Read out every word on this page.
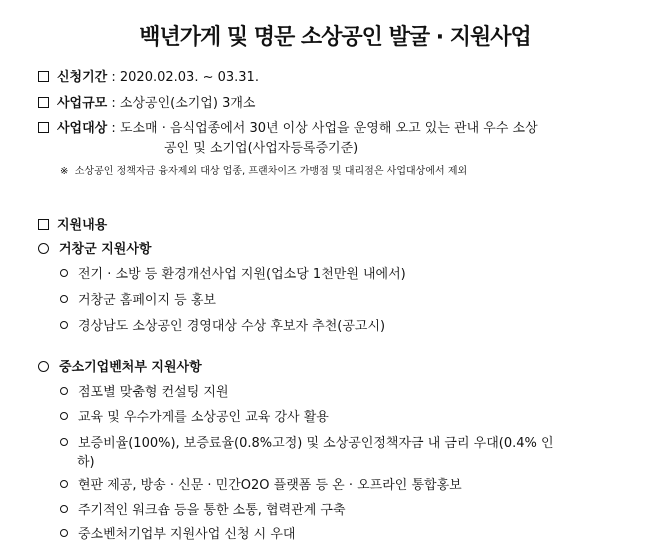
백년가게 및 명문 소상공인 발굴 · 지원사업
신청기간 : 2020.02.03. ~ 03.31.
사업규모 : 소상공인(소기업) 3개소
사업대상 : 도소매 · 음식업종에서 30년 이상 사업을 운영해 오고 있는 관내 우수 소상
공인 및 소기업(사업자등록증기준)
※ 소상공인 정책자금 융자제외 대상 업종, 프랜차이즈 가맹점 및 대리점은 사업대상에서 제외
지원내용
거창군 지원사항
전기 · 소방 등 환경개선사업 지원(업소당 1천만원 내에서)
거창군 홈페이지 등 홍보
경상남도 소상공인 경영대상 수상 후보자 추천(공고시)
중소기업벤처부 지원사항
점포별 맞춤형 컨설팅 지원
교육 및 우수가게를 소상공인 교육 강사 활용
보증비율(100%), 보증료율(0.8%고정) 및 소상공인정책자금 내 금리 우대(0.4% 인
하)
현판 제공, 방송 · 신문 · 민간O2O 플랫폼 등 온 · 오프라인 통합홍보
주기적인 워크숍 등을 통한 소통, 협력관계 구축
중소벤처기업부 지원사업 신청 시 우대
